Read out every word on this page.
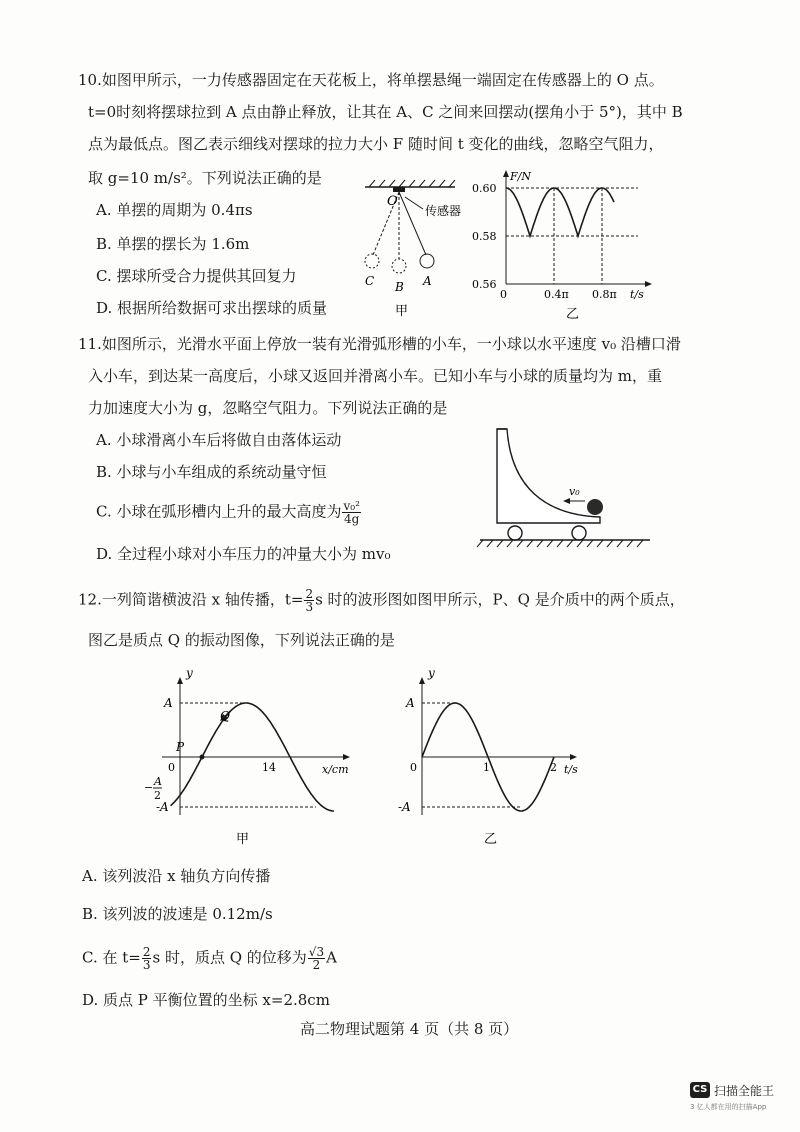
10.如图甲所示，一力传感器固定在天花板上，将单摆悬绳一端固定在传感器上的 O 点。
t=0时刻将摆球拉到 A 点由静止释放，让其在 A、C 之间来回摆动(摆角小于 5°)，其中 B
点为最低点。图乙表示细线对摆球的拉力大小 F 随时间 t 变化的曲线，忽略空气阻力，
取 g=10 m/s²。下列说法正确的是
A. 单摆的周期为 0.4πs
B. 单摆的摆长为 1.6m
C. 摆球所受合力提供其回复力
D. 根据所给数据可求出摆球的质量
O
传感器
C B A
甲
F/N
0.60
0.58
0.56
0	0.4π 0.8π t/s
乙
11.如图所示，光滑水平面上停放一装有光滑弧形槽的小车，一小球以水平速度 v₀ 沿槽口滑
入小车，到达某一高度后，小球又返回并滑离小车。已知小车与小球的质量均为 m，重
力加速度大小为 g，忽略空气阻力。下列说法正确的是
A. 小球滑离小车后将做自由落体运动
B. 小球与小车组成的系统动量守恒
C. 小球在弧形槽内上升的最大高度为 $\frac{\text{v₀²}}{4g}$
D. 全过程小球对小车压力的冲量大小为 mv₀
v₀
12.一列简谐横波沿 x 轴传播，$t= \frac{2}{3}$ s 时的波形图如图甲所示，P、Q 是介质中的两个质点，
图乙是质点 Q 的振动图像，下列说法正确的是
y
A
− A
2
-A
0
P
Q
14	x/cm
甲
y
A
-A
0	1	2 t/s
乙
A. 该列波沿 x 轴负方向传播
B. 该列波的波速是 0.12m/s
C. 在 $t= \frac{2}{3}$ s 时，质点 Q 的位移为 $\frac{√3}{2}$ A
D. 质点 P 平衡位置的坐标 x=2.8cm
高二物理试题第 4 页（共 8 页）
CS 扫描全能王
3 亿人都在用的扫描App
